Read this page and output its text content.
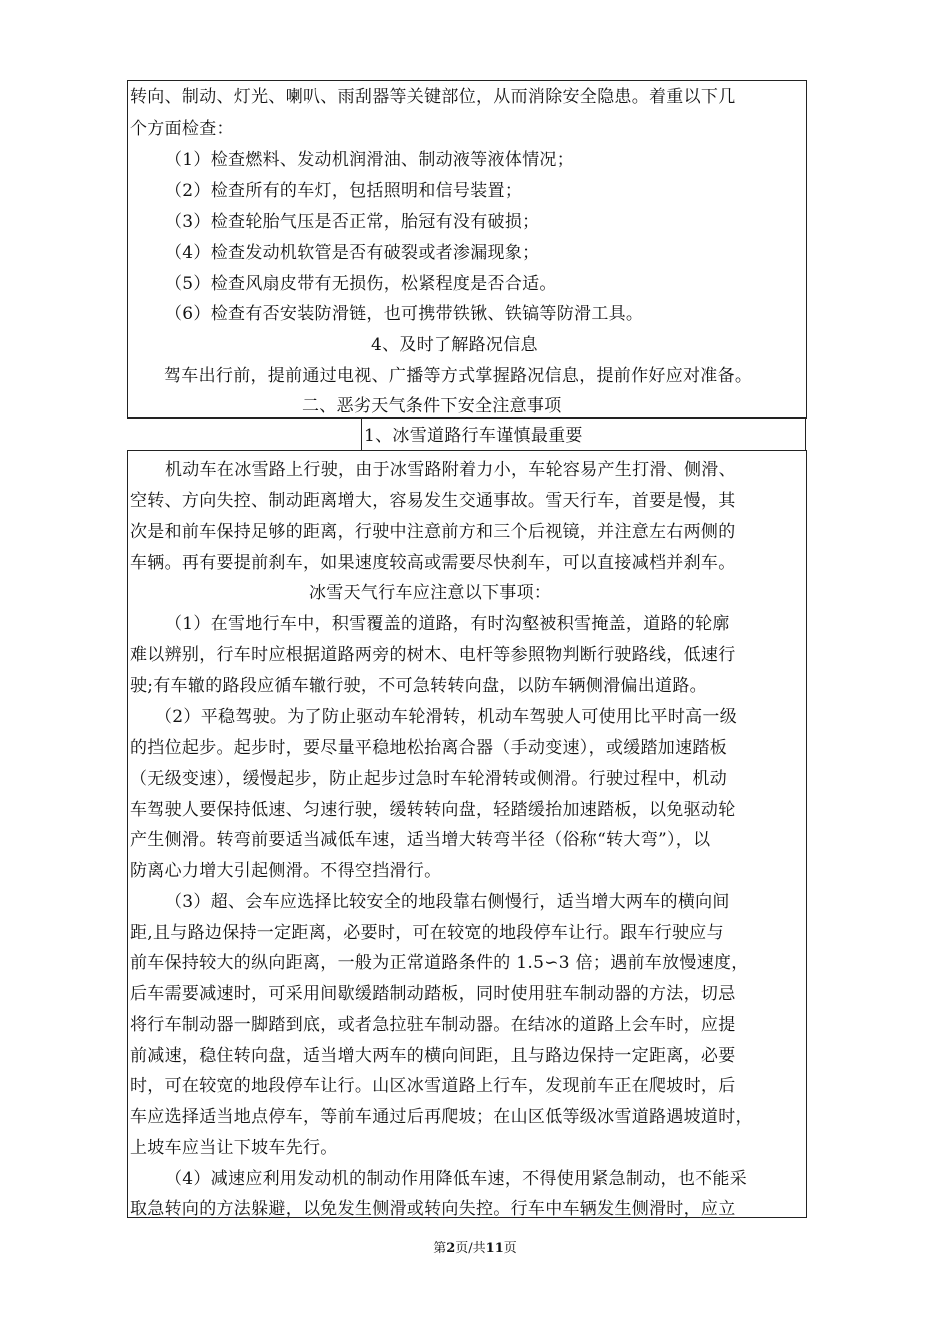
转向、制动、灯光、喇叭、雨刮器等关键部位，从而消除安全隐患。着重以下几
个方面检查：
（1）检查燃料、发动机润滑油、制动液等液体情况；
（2）检查所有的车灯，包括照明和信号装置；
（3）检查轮胎气压是否正常，胎冠有没有破损；
（4）检查发动机软管是否有破裂或者渗漏现象；
（5）检查风扇皮带有无损伤，松紧程度是否合适。
（6）检查有否安装防滑链，也可携带铁锹、铁镐等防滑工具。
4、及时了解路况信息
驾车出行前，提前通过电视、广播等方式掌握路况信息，提前作好应对准备。
二、恶劣天气条件下安全注意事项
1、冰雪道路行车谨慎最重要
机动车在冰雪路上行驶，由于冰雪路附着力小，车轮容易产生打滑、侧滑、
空转、方向失控、制动距离增大，容易发生交通事故。雪天行车，首要是慢，其
次是和前车保持足够的距离，行驶中注意前方和三个后视镜，并注意左右两侧的
车辆。再有要提前刹车，如果速度较高或需要尽快刹车，可以直接减档并刹车。
冰雪天气行车应注意以下事项：
（1）在雪地行车中，积雪覆盖的道路，有时沟壑被积雪掩盖，道路的轮廓
难以辨别，行车时应根据道路两旁的树木、电杆等参照物判断行驶路线，低速行
驶;有车辙的路段应循车辙行驶，不可急转转向盘，以防车辆侧滑偏出道路。
（2）平稳驾驶。为了防止驱动车轮滑转，机动车驾驶人可使用比平时高一级
的挡位起步。起步时，要尽量平稳地松抬离合器（手动变速），或缓踏加速踏板
（无级变速），缓慢起步，防止起步过急时车轮滑转或侧滑。行驶过程中，机动
车驾驶人要保持低速、匀速行驶，缓转转向盘，轻踏缓抬加速踏板，以免驱动轮
产生侧滑。转弯前要适当减低车速，适当增大转弯半径（俗称“转大弯”），以
防离心力增大引起侧滑。不得空挡滑行。
（3）超、会车应选择比较安全的地段靠右侧慢行，适当增大两车的横向间
距,且与路边保持一定距离，必要时，可在较宽的地段停车让行。跟车行驶应与
前车保持较大的纵向距离，一般为正常道路条件的 1.5∽3 倍；遇前车放慢速度，
后车需要减速时，可采用间歇缓踏制动踏板，同时使用驻车制动器的方法，切忌
将行车制动器一脚踏到底，或者急拉驻车制动器。在结冰的道路上会车时，应提
前减速，稳住转向盘，适当增大两车的横向间距，且与路边保持一定距离，必要
时，可在较宽的地段停车让行。山区冰雪道路上行车，发现前车正在爬坡时，后
车应选择适当地点停车，等前车通过后再爬坡；在山区低等级冰雪道路遇坡道时，
上坡车应当让下坡车先行。
（4）减速应利用发动机的制动作用降低车速，不得使用紧急制动，也不能采
取急转向的方法躲避，以免发生侧滑或转向失控。行车中车辆发生侧滑时，应立
第2页/共11页
